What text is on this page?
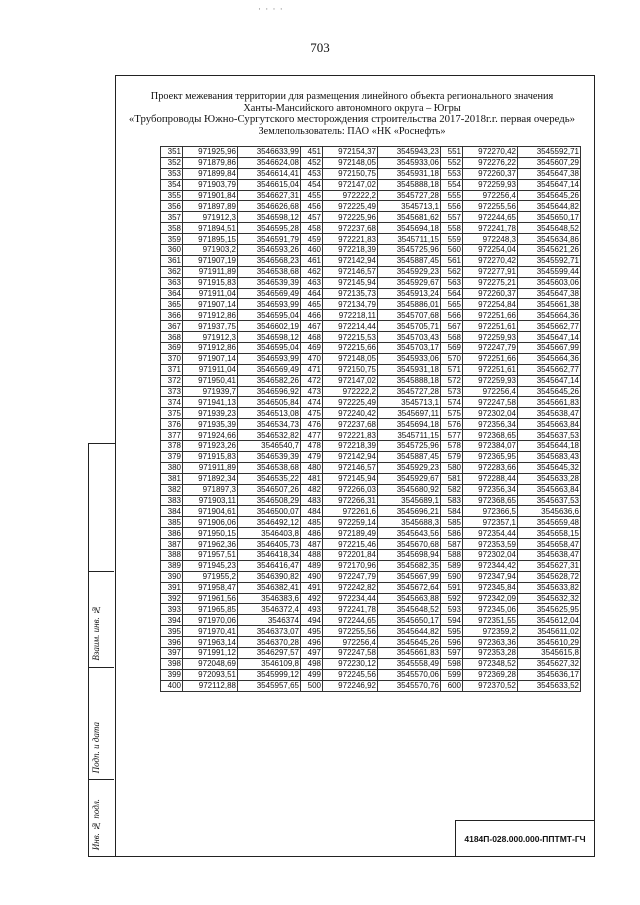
· · · ·
703
Взаим. инв. №
Подп. и дата
Инв. № подл.
Проект межевания территории для размещения линейного объекта регионального значения
Ханты-Мансийского автономного округа – Югры
«Трубопроводы Южно-Сургутского месторождения строительства 2017-2018г.г. первая очередь»
Землепользователь: ПАО «НК «Роснефть»
351	971925,96	3546633,99	451	972154,37	3545943,23	551	972270,42	3545592,71
352	971879,86	3546624,08	452	972148,05	3545933,06	552	972276,22	3545607,29
353	971899,84	3546614,41	453	972150,75	3545931,18	553	972260,37	3545647,38
354	971903,79	3546615,04	454	972147,02	3545888,18	554	972259,93	3545647,14
355	971901,84	3546627,31	455	972222,2	3545727,28	555	972256,4	3545645,26
356	971897,89	3546626,68	456	972225,49	3545713,1	556	972255,56	3545644,82
357	971912,3	3546598,12	457	972225,96	3545681,62	557	972244,65	3545650,17
358	971894,51	3546595,28	458	972237,68	3545694,18	558	972241,78	3545648,52
359	971895,15	3546591,79	459	972221,83	3545711,15	559	972248,3	3545634,86
360	971903,2	3546593,26	460	972218,39	3545725,96	560	972254,04	3545621,26
361	971907,19	3546568,23	461	972142,94	3545887,45	561	972270,42	3545592,71
362	971911,89	3546538,68	462	972146,57	3545929,23	562	972277,91	3545599,44
363	971915,83	3546539,39	463	972145,94	3545929,67	563	972275,21	3545603,06
364	971911,04	3546569,49	464	972135,73	3545913,24	564	972260,37	3545647,38
365	971907,14	3546593,99	465	972134,79	3545886,01	565	972254,84	3545661,38
366	971912,86	3546595,04	466	972218,11	3545707,68	566	972251,66	3545664,36
367	971937,75	3546602,19	467	972214,44	3545705,71	567	972251,61	3545662,77
368	971912,3	3546598,12	468	972215,53	3545703,43	568	972259,93	3545647,14
369	971912,86	3546595,04	469	972215,66	3545703,17	569	972247,79	3545667,99
370	971907,14	3546593,99	470	972148,05	3545933,06	570	972251,66	3545664,36
371	971911,04	3546569,49	471	972150,75	3545931,18	571	972251,61	3545662,77
372	971950,41	3546582,26	472	972147,02	3545888,18	572	972259,93	3545647,14
373	971939,7	3546596,92	473	972222,2	3545727,28	573	972256,4	3545645,26
374	971941,13	3546505,84	474	972225,49	3545713,1	574	972247,58	3545661,83
375	971939,23	3546513,08	475	972240,42	3545697,11	575	972302,04	3545638,47
376	971935,39	3546534,73	476	972237,68	3545694,18	576	972356,34	3545663,84
377	971924,66	3546532,82	477	972221,83	3545711,15	577	972368,65	3545637,53
378	971923,26	3546540,7	478	972218,39	3545725,96	578	972384,07	3545644,18
379	971915,83	3546539,39	479	972142,94	3545887,45	579	972365,95	3545683,43
380	971911,89	3546538,68	480	972146,57	3545929,23	580	972283,66	3545645,32
381	971892,34	3546535,22	481	972145,94	3545929,67	581	972288,44	3545633,28
382	971897,3	3546507,26	482	972266,03	3545680,92	582	972356,34	3545663,84
383	971903,11	3546508,29	483	972266,31	3545689,1	583	972368,65	3545637,53
384	971904,61	3546500,07	484	972261,6	3545696,21	584	972366,5	3545636,6
385	971906,06	3546492,12	485	972259,14	3545688,3	585	972357,1	3545659,48
386	971950,15	3546403,8	486	972189,49	3545643,56	586	972354,44	3545658,15
387	971962,36	3546405,73	487	972215,46	3545670,68	587	972353,59	3545658,47
388	971957,51	3546418,34	488	972201,84	3545698,94	588	972302,04	3545638,47
389	971945,23	3546416,47	489	972170,96	3545682,35	589	972344,42	3545627,31
390	971955,2	3546390,82	490	972247,79	3545667,99	590	972347,94	3545628,72
391	971958,47	3546382,41	491	972242,82	3545672,64	591	972345,84	3545633,82
392	971961,56	3546383,6	492	972234,44	3545663,88	592	972342,09	3545632,32
393	971965,85	3546372,4	493	972241,78	3545648,52	593	972345,06	3545625,95
394	971970,06	3546374	494	972244,65	3545650,17	594	972351,55	3545612,04
395	971970,41	3546373,07	495	972255,56	3545644,82	595	972359,2	3545611,02
396	971963,14	3546370,28	496	972256,4	3545645,26	596	972363,36	3545610,29
397	971991,12	3546297,57	497	972247,58	3545661,83	597	972353,28	3545615,8
398	972048,69	3546109,8	498	972230,12	3545558,49	598	972348,52	3545627,32
399	972093,51	3545999,12	499	972245,56	3545570,06	599	972369,28	3545636,17
400	972112,88	3545957,65	500	972246,92	3545570,76	600	972370,52	3545633,52
4184П-028.000.000-ППТМТ-ГЧ
